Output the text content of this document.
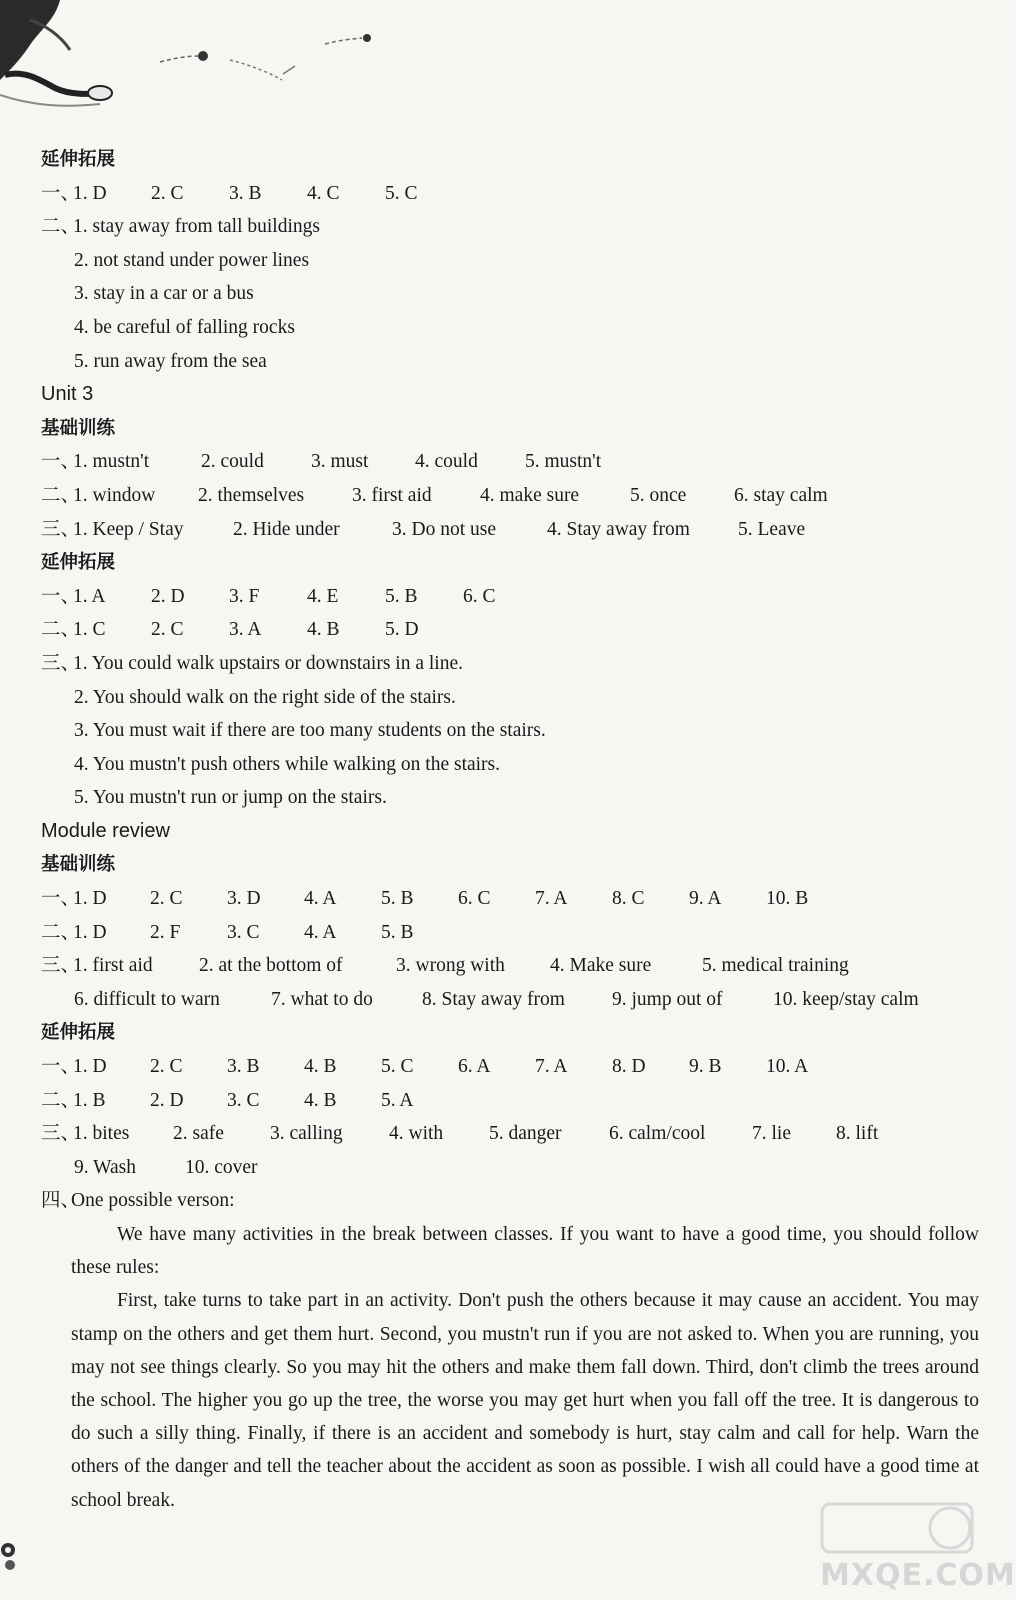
延伸拓展
一、
1. D	2. C	3. B	4. C	5. C
二、
1. stay away from tall buildings
2. not stand under power lines
3. stay in a car or a bus
4. be careful of falling rocks
5. run away from the sea
Unit 3
基础训练
一、
1. mustn't	2. could	3. must	4. could	5. mustn't
二、
1. window	2. themselves	3. first aid	4. make sure	5. once	6. stay calm
三、
1. Keep / Stay	2. Hide under	3. Do not use	4. Stay away from	5. Leave
延伸拓展
一、
1. A	2. D	3. F	4. E	5. B	6. C
二、
1. C	2. C	3. A	4. B	5. D
三、
1. You could walk upstairs or downstairs in a line.
2. You should walk on the right side of the stairs.
3. You must wait if there are too many students on the stairs.
4. You mustn't push others while walking on the stairs.
5. You mustn't run or jump on the stairs.
Module review
基础训练
一、
1. D	2. C	3. D	4. A	5. B	6. C	7. A	8. C	9. A	10. B
二、
1. D	2. F	3. C	4. A	5. B
三、
1. first aid	2. at the bottom of	3. wrong with	4. Make sure	5. medical training
6. difficult to warn	7. what to do	8. Stay away from	9. jump out of	10. keep/stay calm
延伸拓展
一、
1. D	2. C	3. B	4. B	5. C	6. A	7. A	8. D	9. B	10. A
二、
1. B	2. D	3. C	4. B	5. A
三、
1. bites	2. safe	3. calling	4. with	5. danger	6. calm/cool	7. lie	8. lift
9. Wash	10. cover
四、
One possible verson:

We have many activities in the break between classes. If you want to have a good time, you should follow these rules:

First, take turns to take part in an activity. Don't push the others because it may cause an accident. You may stamp on the others and get them hurt. Second, you mustn't run if you are not asked to. When you are running, you may not see things clearly. So you may hit the others and make them fall down. Third, don't climb the trees around the school. The higher you go up the tree, the worse you may get hurt when you fall off the tree. It is dangerous to do such a silly thing. Finally, if there is an accident and somebody is hurt, stay calm and call for help. Warn the others of the danger and tell the teacher about the accident as soon as possible. I wish all could have a good time at school break.

MXQE.COM
